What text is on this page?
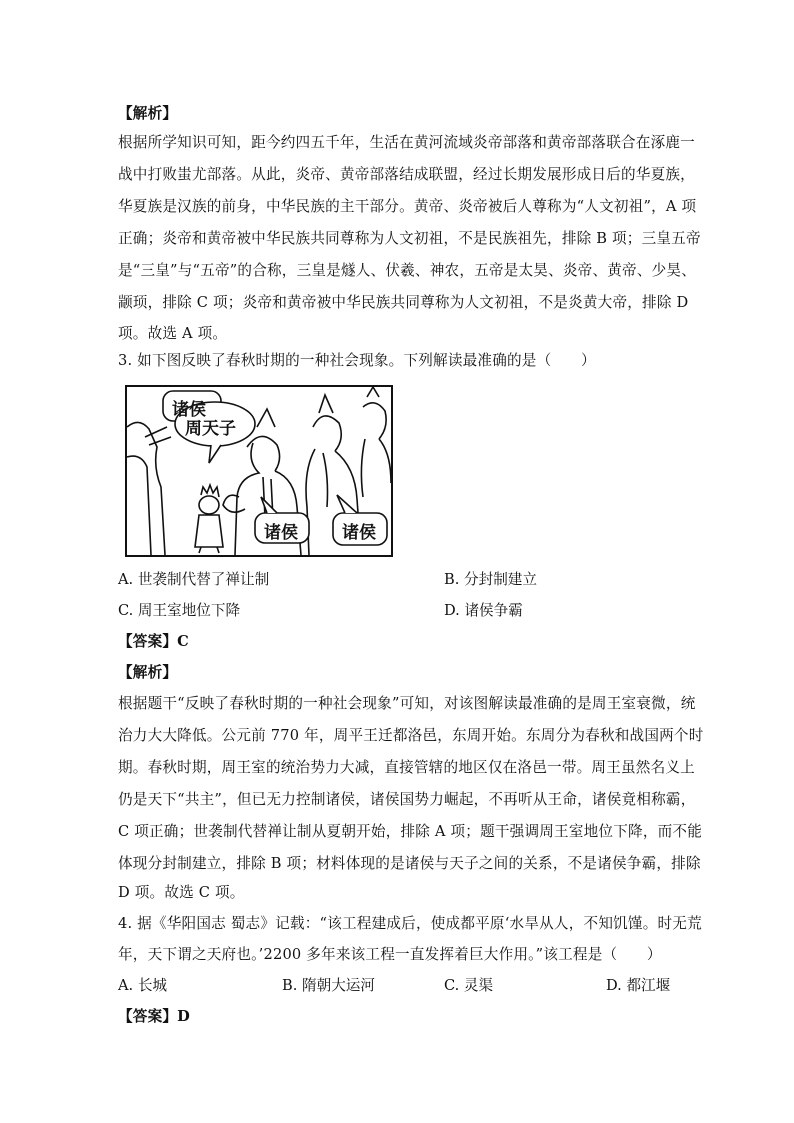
【解析】
根据所学知识可知，距今约四五千年，生活在黄河流域炎帝部落和黄帝部落联合在涿鹿一
战中打败蚩尤部落。从此，炎帝、黄帝部落结成联盟，经过长期发展形成日后的华夏族，
华夏族是汉族的前身，中华民族的主干部分。黄帝、炎帝被后人尊称为“人文初祖”，A 项
正确；炎帝和黄帝被中华民族共同尊称为人文初祖，不是民族祖先，排除 B 项；三皇五帝
是“三皇”与“五帝”的合称，三皇是燧人、伏羲、神农，五帝是太昊、炎帝、黄帝、少昊、
颛顼，排除 C 项；炎帝和黄帝被中华民族共同尊称为人文初祖，不是炎黄大帝，排除 D
项。故选 A 项。
3. 如下图反映了春秋时期的一种社会现象。下列解读最准确的是（　　）
诸侯
周天子
诸侯	诸侯
A. 世袭制代替了禅让制	B. 分封制建立
C. 周王室地位下降	D. 诸侯争霸
【答案】C
【解析】
根据题干“反映了春秋时期的一种社会现象”可知，对该图解读最准确的是周王室衰微，统
治力大大降低。公元前 770 年，周平王迁都洛邑，东周开始。东周分为春秋和战国两个时
期。春秋时期，周王室的统治势力大减，直接管辖的地区仅在洛邑一带。周王虽然名义上
仍是天下“共主”，但已无力控制诸侯，诸侯国势力崛起，不再听从王命，诸侯竟相称霸，
C 项正确；世袭制代替禅让制从夏朝开始，排除 A 项；题干强调周王室地位下降，而不能
体现分封制建立，排除 B 项；材料体现的是诸侯与天子之间的关系，不是诸侯争霸，排除
D 项。故选 C 项。
4. 据《华阳国志 蜀志》记载：“该工程建成后，使成都平原‘水旱从人，不知饥馑。时无荒
年，天下谓之天府也。’2200 多年来该工程一直发挥着巨大作用。”该工程是（　　）
A. 长城	B. 隋朝大运河	C. 灵渠	D. 都江堰
【答案】D
